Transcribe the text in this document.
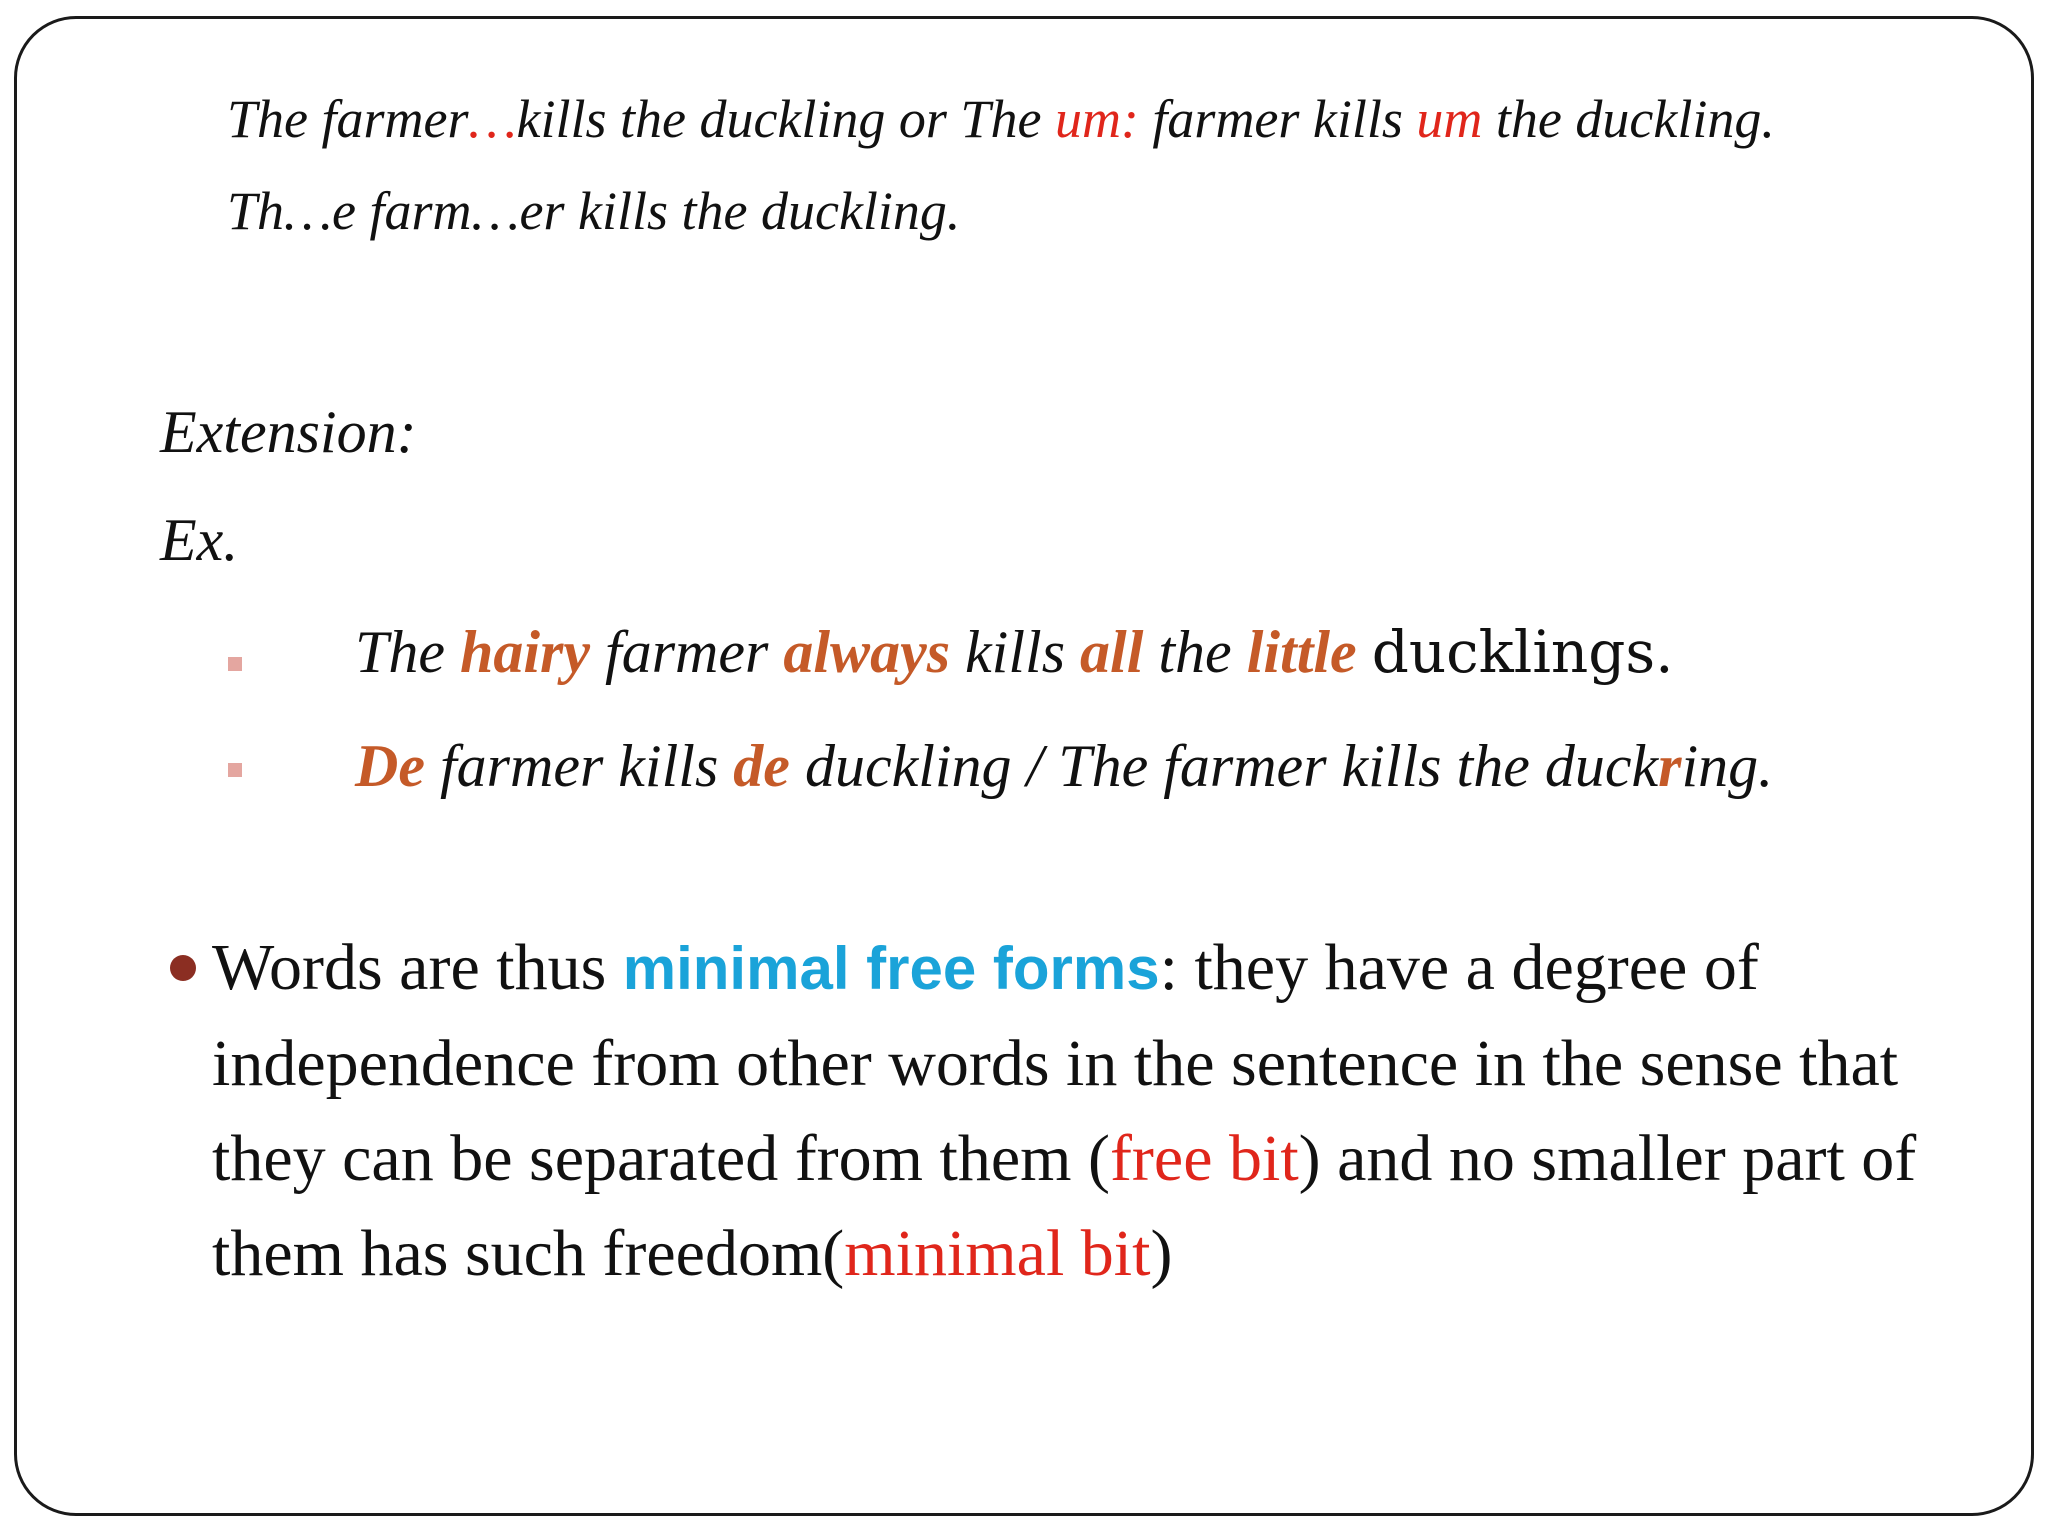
The farmer…kills the duckling or The um: farmer kills um the duckling.
Th…e farm…er kills the duckling.
Extension:
Ex.
The hairy farmer always kills all the little ducklings.
De farmer kills de duckling / The farmer kills the duckring.
Words are thus minimal free forms: they have a degree of independence from other words in the sentence in the sense that they can be separated from them (free bit) and no smaller part of them has such freedom(minimal bit)
